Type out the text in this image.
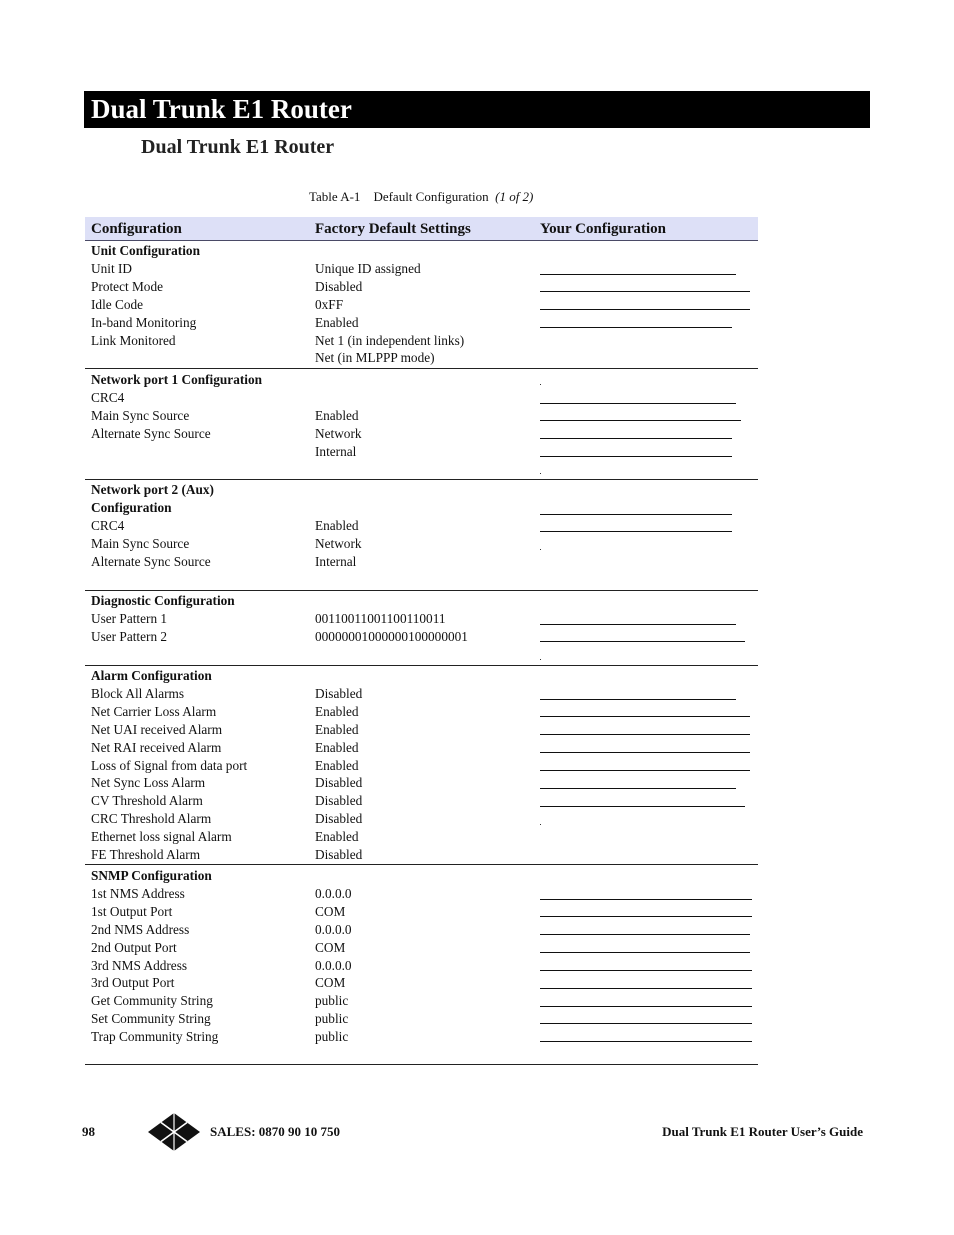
Dual Trunk E1 Router
Dual Trunk E1 Router
Table A-1 Default Configuration (1 of 2)
Configuration	Factory Default Settings	Your Configuration
Unit Configuration
Unit ID	Unique ID assigned
Protect Mode	Disabled
Idle Code	0xFF
In-band Monitoring	Enabled
Link Monitored	Net 1 (in independent links)
Net (in MLPPP mode)
Network port 1 Configuration
CRC4
Main Sync Source	Enabled
Alternate Sync Source	Network
Internal
Network port 2 (Aux)
Configuration
CRC4	Enabled
Main Sync Source	Network
Alternate Sync Source	Internal
Diagnostic Configuration
User Pattern 1	00110011001100110011
User Pattern 2	00000001000000100000001
Alarm Configuration
Block All Alarms	Disabled
Net Carrier Loss Alarm	Enabled
Net UAI received Alarm	Enabled
Net RAI received Alarm	Enabled
Loss of Signal from data port	Enabled
Net Sync Loss Alarm	Disabled
CV Threshold Alarm	Disabled
CRC Threshold Alarm	Disabled
Ethernet loss signal Alarm	Enabled
FE Threshold Alarm	Disabled
SNMP Configuration
1st NMS Address	0.0.0.0
1st Output Port	COM
2nd NMS Address	0.0.0.0
2nd Output Port	COM
3rd NMS Address	0.0.0.0
3rd Output Port	COM
Get Community String	public
Set Community String	public
Trap Community String	public
98	SALES: 0870 90 10 750	Dual Trunk E1 Router User’s Guide
